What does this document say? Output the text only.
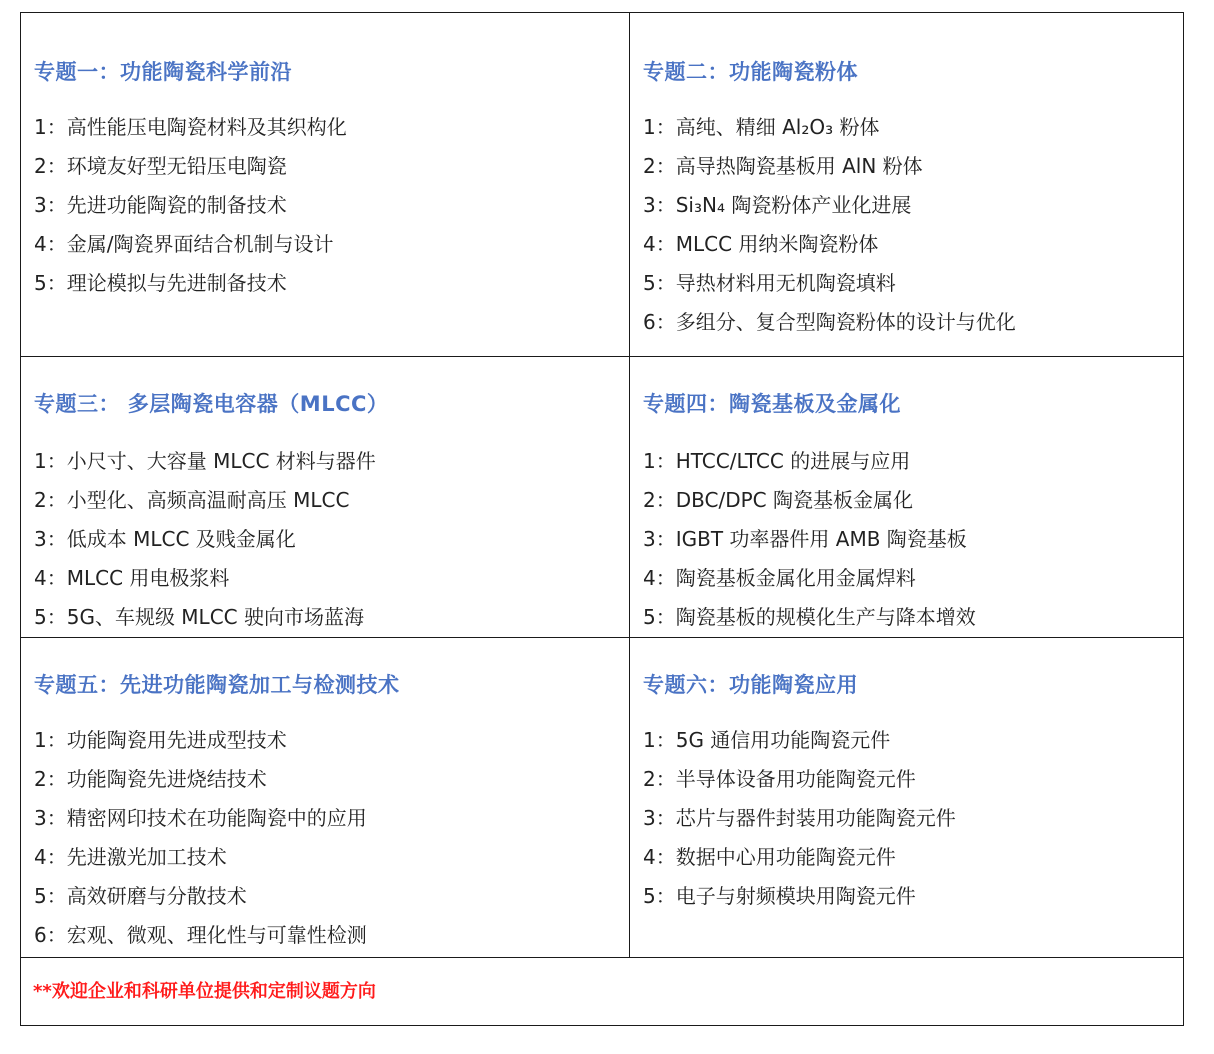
专题一：功能陶瓷科学前沿
1：高性能压电陶瓷材料及其织构化
2：环境友好型无铅压电陶瓷
3：先进功能陶瓷的制备技术
4：金属/陶瓷界面结合机制与设计
5：理论模拟与先进制备技术
专题二：功能陶瓷粉体
1：高纯、精细 Al₂O₃ 粉体
2：高导热陶瓷基板用 AlN 粉体
3：Si₃N₄ 陶瓷粉体产业化进展
4：MLCC 用纳米陶瓷粉体
5：导热材料用无机陶瓷填料
6：多组分、复合型陶瓷粉体的设计与优化
专题三： 多层陶瓷电容器（MLCC）
1：小尺寸、大容量 MLCC 材料与器件
2：小型化、高频高温耐高压 MLCC
3：低成本 MLCC 及贱金属化
4：MLCC 用电极浆料
5：5G、车规级 MLCC 驶向市场蓝海
专题四：陶瓷基板及金属化
1：HTCC/LTCC 的进展与应用
2：DBC/DPC 陶瓷基板金属化
3：IGBT 功率器件用 AMB 陶瓷基板
4：陶瓷基板金属化用金属焊料
5：陶瓷基板的规模化生产与降本增效
专题五：先进功能陶瓷加工与检测技术
1：功能陶瓷用先进成型技术
2：功能陶瓷先进烧结技术
3：精密网印技术在功能陶瓷中的应用
4：先进激光加工技术
5：高效研磨与分散技术
6：宏观、微观、理化性与可靠性检测
专题六：功能陶瓷应用
1：5G 通信用功能陶瓷元件
2：半导体设备用功能陶瓷元件
3：芯片与器件封装用功能陶瓷元件
4：数据中心用功能陶瓷元件
5：电子与射频模块用陶瓷元件
**欢迎企业和科研单位提供和定制议题方向
